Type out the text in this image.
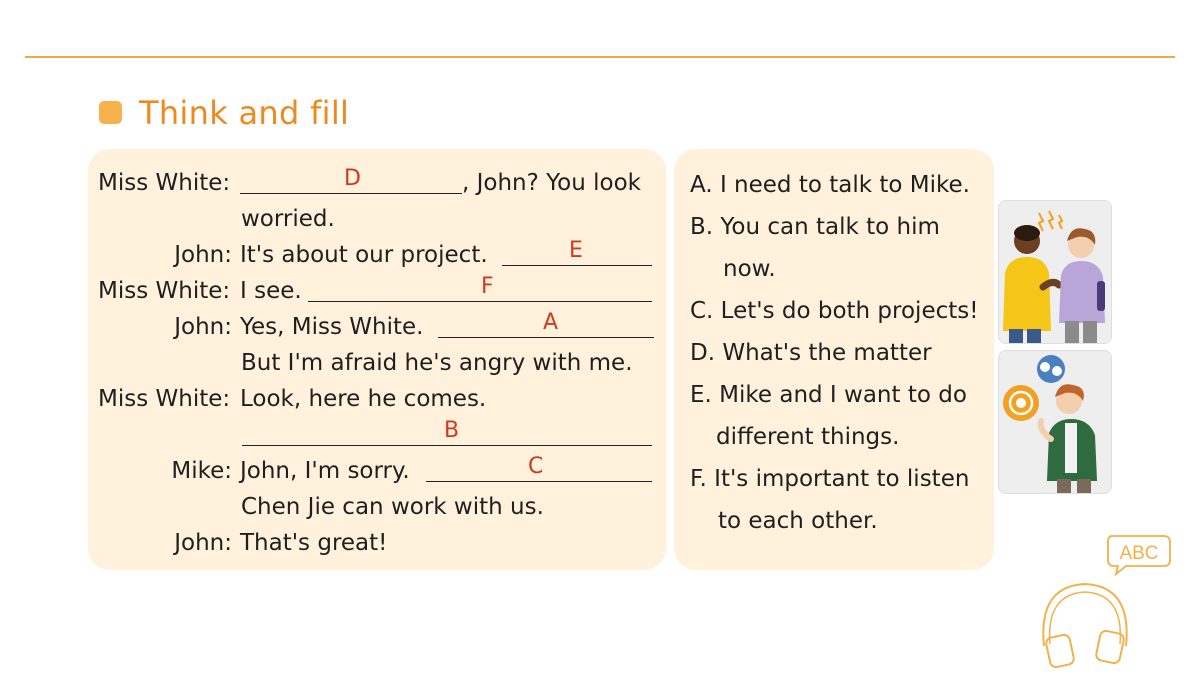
Think and fill
Miss White:	D	, John? You look
worried.
John: It's about our project.	E
Miss White: I see.	F
John: Yes, Miss White.	A
But I'm afraid he's angry with me.
Miss White: Look, here he comes.
B
Mike: John, I'm sorry.	C
Chen Jie can work with us.
John: That's great!
A. I need to talk to Mike.
B. You can talk to him
now.
C. Let's do both projects!
D. What's the matter
E. Mike and I want to do
different things.
F. It's important to listen
to each other.
ABC
